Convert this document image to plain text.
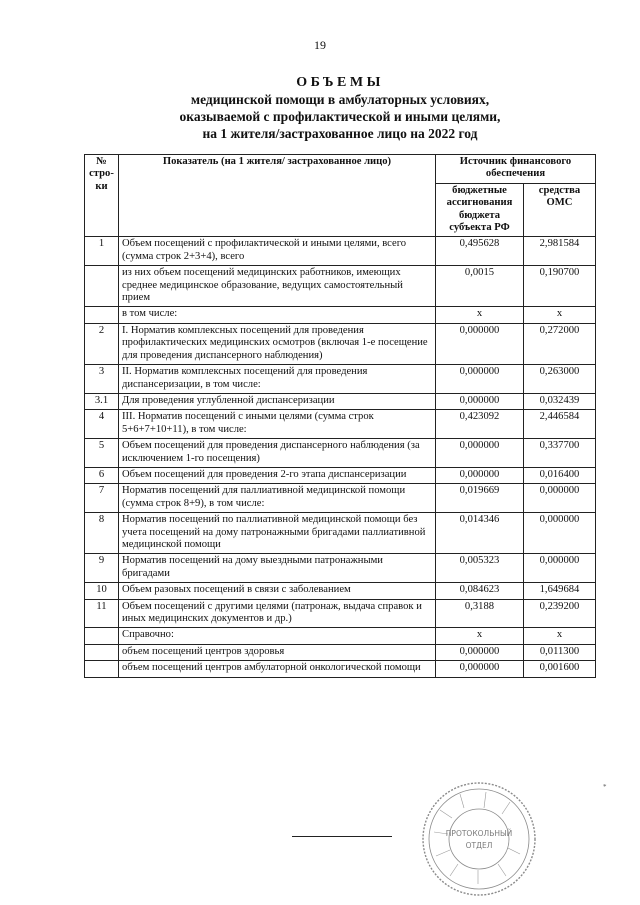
19
ОБЪЕМЫ
медицинской помощи в амбулаторных условиях,
оказываемой с профилактической и иными целями,
на 1 жителя/застрахованное лицо на 2022 год
№ стро-ки	Показатель (на 1 жителя/ застрахованное лицо)	Источник финансового обеспечения	
		бюджетные ассигнования бюджета субъекта РФ	средства ОМС
1	Объем посещений с профилактической и иными целями, всего (сумма строк 2+3+4), всего	0,495628	2,981584
	из них объем посещений медицинских работников, имеющих среднее медицинское образование, ведущих самостоятельный прием	0,0015	0,190700
	в том числе:	х	х
2	I. Норматив комплексных посещений для проведения профилактических медицинских осмотров (включая 1-е посещение для проведения диспансерного наблюдения)	0,000000	0,272000
3	II. Норматив комплексных посещений для проведения диспансеризации, в том числе:	0,000000	0,263000
3.1	Для проведения углубленной диспансеризации	0,000000	0,032439
4	III. Норматив посещений с иными целями (сумма строк 5+6+7+10+11), в том числе:	0,423092	2,446584
5	Объем посещений для проведения диспансерного наблюдения (за исключением 1-го посещения)	0,000000	0,337700
6	Объем посещений для проведения 2-го этапа диспансеризации	0,000000	0,016400
7	Норматив посещений для паллиативной медицинской помощи (сумма строк 8+9), в том числе:	0,019669	0,000000
8	Норматив посещений по паллиативной медицинской помощи без учета посещений на дому патронажными бригадами паллиативной медицинской помощи	0,014346	0,000000
9	Норматив посещений на дому выездными патронажными бригадами	0,005323	0,000000
10	Объем разовых посещений в связи с заболеванием	0,084623	1,649684
11	Объем посещений с другими целями (патронаж, выдача справок и иных медицинских документов и др.)	0,3188	0,239200
	Справочно:	х	х
	объем посещений центров здоровья	0,000000	0,011300
	объем посещений центров амбулаторной онкологической помощи	0,000000	0,001600
*
ПРОТОКОЛЬНЫЙ
ОТДЕЛ
